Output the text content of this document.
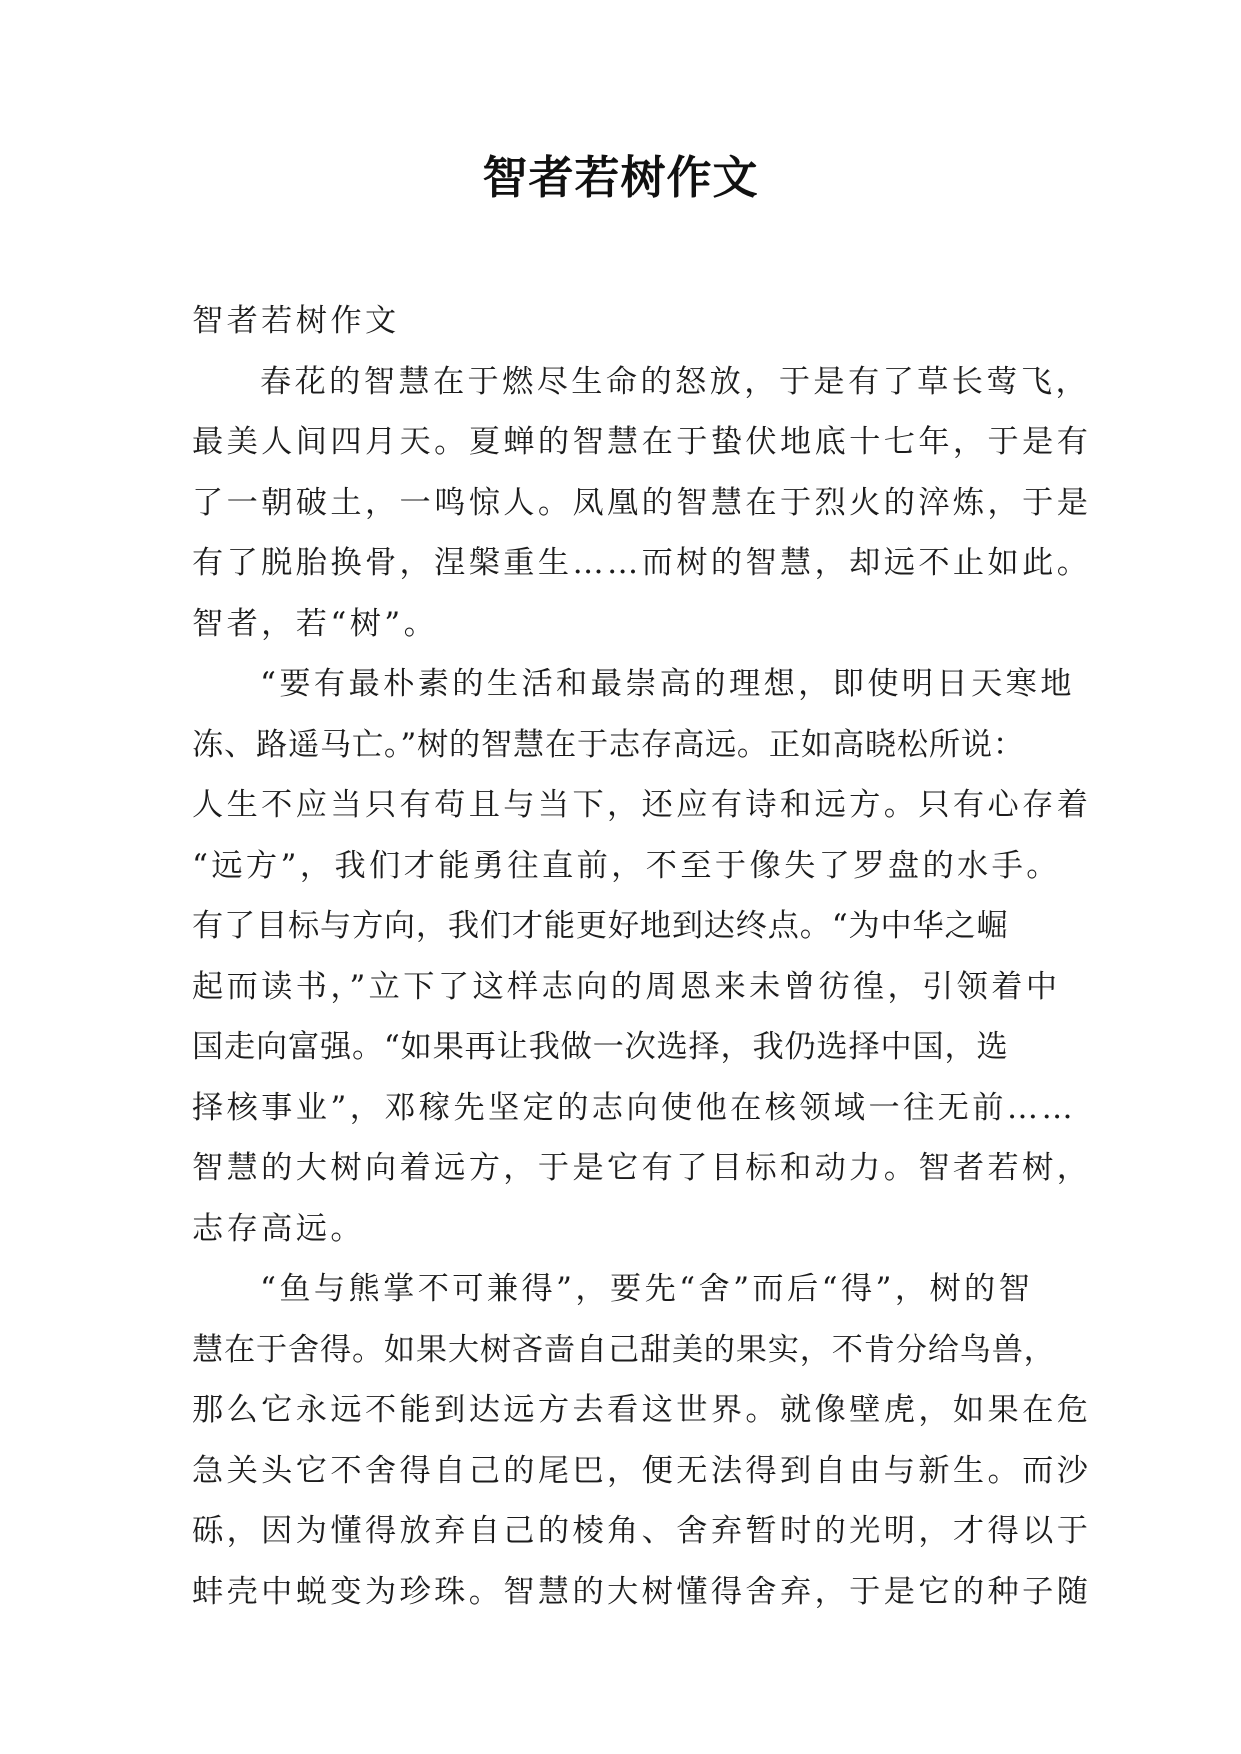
智者若树作文
智者若树作文
春花的智慧在于燃尽生命的怒放，于是有了草长莺飞，
最美人间四月天。夏蝉的智慧在于蛰伏地底十七年，于是有
了一朝破土，一鸣惊人。凤凰的智慧在于烈火的淬炼，于是
有了脱胎换骨，涅槃重生……而树的智慧，却远不止如此。
智者，若“树”。
“要有最朴素的生活和最崇高的理想，即使明日天寒地
冻、路遥马亡。”树的智慧在于志存高远。正如高晓松所说：
人生不应当只有苟且与当下，还应有诗和远方。只有心存着
“远方”，我们才能勇往直前，不至于像失了罗盘的水手。
有了目标与方向，我们才能更好地到达终点。“为中华之崛
起而读书，”立下了这样志向的周恩来未曾彷徨，引领着中
国走向富强。“如果再让我做一次选择，我仍选择中国，选
择核事业”，邓稼先坚定的志向使他在核领域一往无前……
智慧的大树向着远方，于是它有了目标和动力。智者若树，
志存高远。
“鱼与熊掌不可兼得”，要先“舍”而后“得”，树的智
慧在于舍得。如果大树吝啬自己甜美的果实，不肯分给鸟兽，
那么它永远不能到达远方去看这世界。就像壁虎，如果在危
急关头它不舍得自己的尾巴，便无法得到自由与新生。而沙
砾，因为懂得放弃自己的棱角、舍弃暂时的光明，才得以于
蚌壳中蜕变为珍珠。智慧的大树懂得舍弃，于是它的种子随
